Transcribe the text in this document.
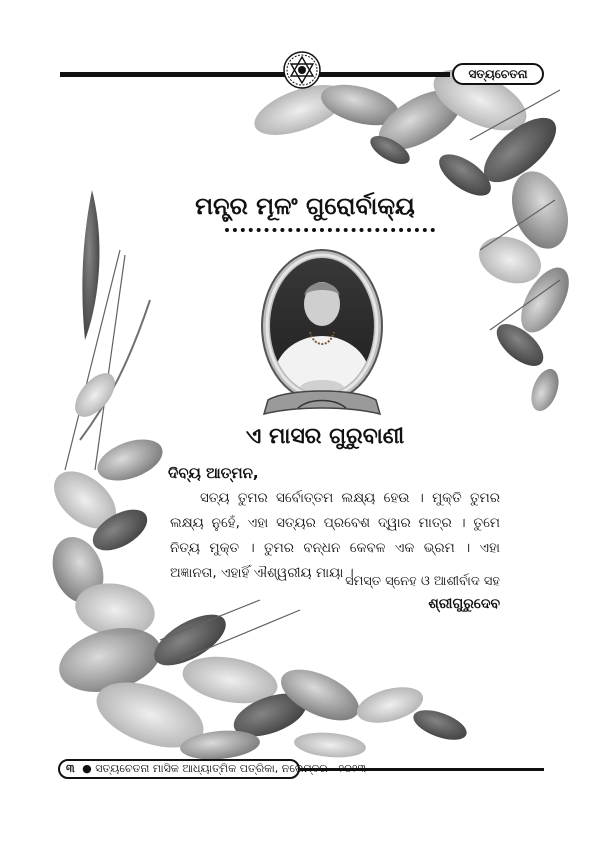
ସତ୍ୟଚେତନା
ମନ୍ତ୍ର ମୂଳଂ ଗୁରୋର୍ବାକ୍ୟ
ଏ ମାସର ଗୁରୁବାଣୀ
ଦିବ୍ୟ ଆତ୍ମନ,
ସତ୍ୟ ତୁମର ସର୍ବୋତ୍ତମ ଲକ୍ଷ୍ୟ ହେଉ । ମୁକ୍ତି ତୁମର ଲକ୍ଷ୍ୟ ନୁହେଁ, ଏହା ସତ୍ୟର ପ୍ରବେଶ ଦ୍ୱାର ମାତ୍ର । ତୁମେ ନିତ୍ୟ ମୁକ୍ତ । ତୁମର ବନ୍ଧନ କେବଳ ଏକ ଭ୍ରମ । ଏହା ଅଜ୍ଞାନତା, ଏହାହିଁ ଐଶ୍ୱରୀୟ ମାୟା ।
ସମସ୍ତ ସ୍ନେହ ଓ ଆଶୀର୍ବାଦ ସହ
ଶ୍ରୀଗୁରୁଦେବ
୩ ● ସତ୍ୟଚେତନା ମାସିକ ଆଧ୍ୟାତ୍ମିକ ପତ୍ରିକା, ନଭେମ୍ବର - ୨୦୨୩
